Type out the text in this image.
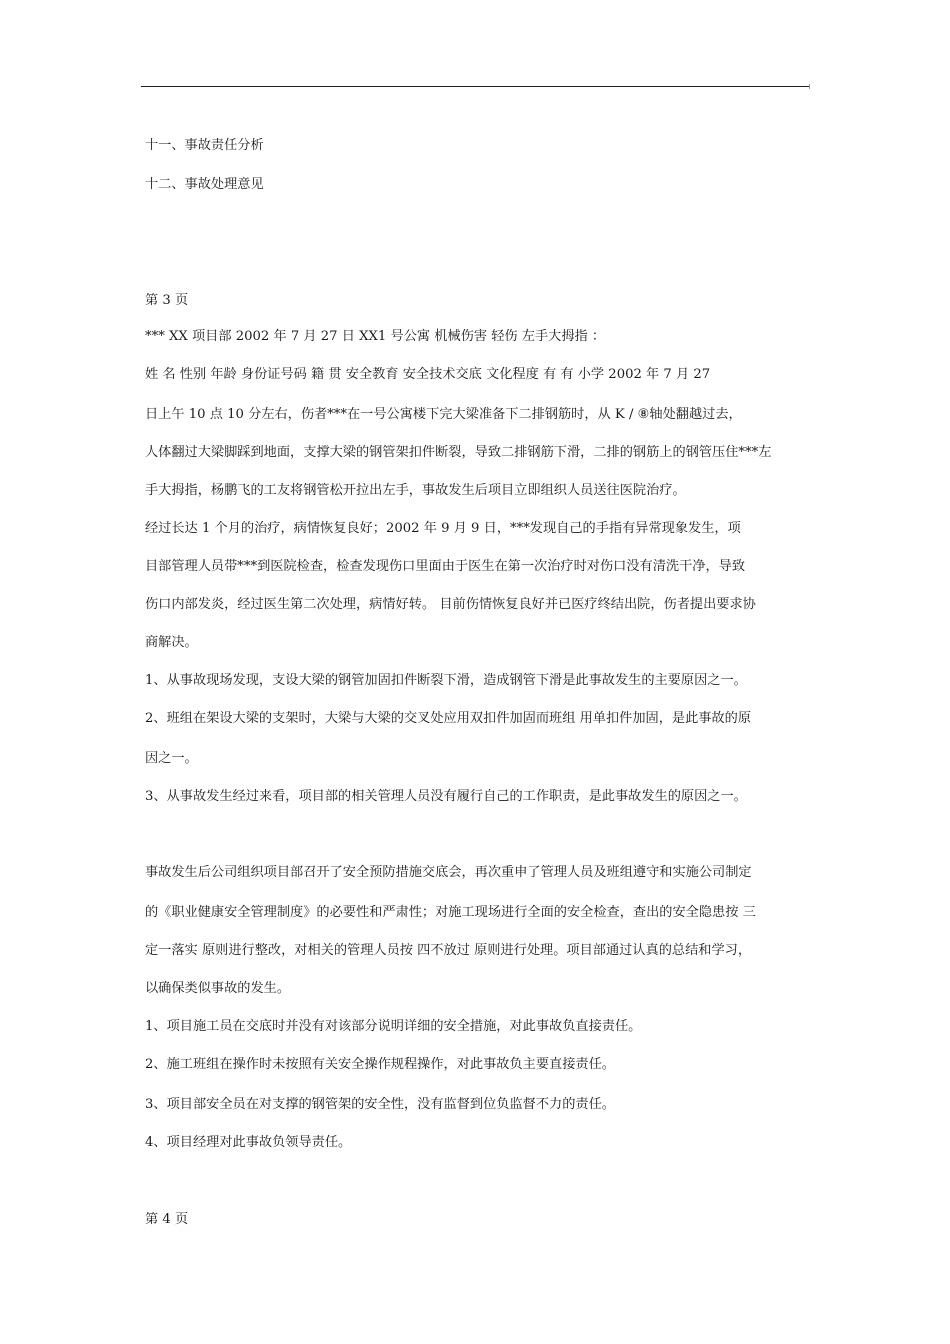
十一、事故责任分析
十二、事故处理意见
第 3 页
*** XX 项目部 2002 年 7 月 27 日 XX1 号公寓 机械伤害 轻伤 左手大拇指 ：
姓 名 性别 年龄 身份证号码 籍 贯 安全教育 安全技术交底 文化程度 有 有 小学 2002 年 7 月 27
日上午 10 点 10 分左右，伤者***在一号公寓楼下完大梁准备下二排钢筋时，从 K / ⑧轴处翻越过去，
人体翻过大梁脚踩到地面，支撑大梁的钢管架扣件断裂，导致二排钢筋下滑，二排的钢筋上的钢管压住***左
手大拇指，杨鹏飞的工友将钢管松开拉出左手，事故发生后项目立即组织人员送往医院治疗。
经过长达 1 个月的治疗，病情恢复良好；2002 年 9 月 9 日，***发现自己的手指有异常现象发生，项
目部管理人员带***到医院检查，检查发现伤口里面由于医生在第一次治疗时对伤口没有清洗干净，导致
伤口内部发炎，经过医生第二次处理，病情好转。 目前伤情恢复良好并已医疗终结出院，伤者提出要求协
商解决。
1、从事故现场发现，支设大梁的钢管加固扣件断裂下滑，造成钢管下滑是此事故发生的主要原因之一。
2、班组在架设大梁的支架时，大梁与大梁的交叉处应用双扣件加固而班组 用单扣件加固，是此事故的原
因之一。
3、从事故发生经过来看，项目部的相关管理人员没有履行自己的工作职责，是此事故发生的原因之一。
事故发生后公司组织项目部召开了安全预防措施交底会，再次重申了管理人员及班组遵守和实施公司制定
的《职业健康安全管理制度》的必要性和严肃性；对施工现场进行全面的安全检查，查出的安全隐患按 三
定一落实 原则进行整改，对相关的管理人员按 四不放过 原则进行处理。项目部通过认真的总结和学习，
以确保类似事故的发生。
1、项目施工员在交底时并没有对该部分说明详细的安全措施，对此事故负直接责任。
2、施工班组在操作时未按照有关安全操作规程操作，对此事故负主要直接责任。
3、项目部安全员在对支撑的钢管架的安全性，没有监督到位负监督不力的责任。
4、项目经理对此事故负领导责任。
第 4 页
